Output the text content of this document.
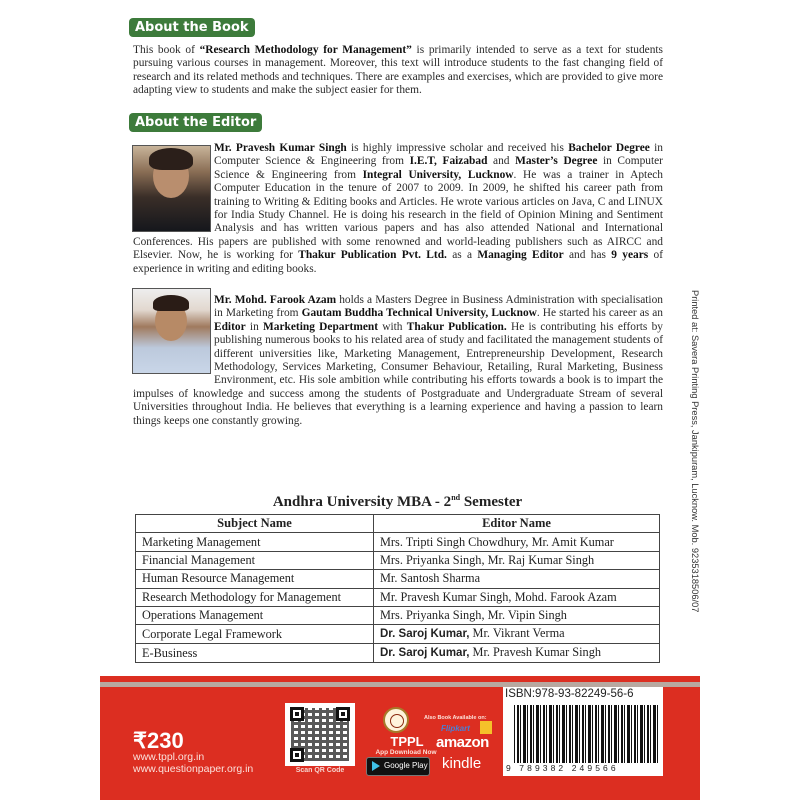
About the Book
This book of “Research Methodology for Management” is primarily intended to serve as a text for students pursuing various courses in management. Moreover, this text will introduce students to the fast changing field of research and its related methods and techniques. There are examples and exercises, which are provided to give more adapting view to students and make the subject easier for them.
About the Editor
Mr. Pravesh Kumar Singh is highly impressive scholar and received his Bachelor Degree in Computer Science & Engineering from I.E.T, Faizabad and Master’s Degree in Computer Science & Engineering from Integral University, Lucknow. He was a trainer in Aptech Computer Education in the tenure of 2007 to 2009. In 2009, he shifted his career path from training to Writing & Editing books and Articles. He wrote various articles on Java, C and LINUX for India Study Channel. He is doing his research in the field of Opinion Mining and Sentiment Analysis and has written various papers and has also attended National and International Conferences. His papers are published with some renowned and world-leading publishers such as AIRCC and Elsevier. Now, he is working for Thakur Publication Pvt. Ltd. as a Managing Editor and has 9 years of experience in writing and editing books.
Mr. Mohd. Farook Azam holds a Masters Degree in Business Administration with specialisation in Marketing from Gautam Buddha Technical University, Lucknow. He started his career as an Editor in Marketing Department with Thakur Publication. He is contributing his efforts by publishing numerous books to his related area of study and facilitated the management students of different universities like, Marketing Management, Entrepreneurship Development, Research Methodology, Services Marketing, Consumer Behaviour, Retailing, Rural Marketing, Business Environment, etc. His sole ambition while contributing his efforts towards a book is to impart the impulses of knowledge and success among the students of Postgraduate and Undergraduate Stream of several Universities throughout India. He believes that everything is a learning experience and having a passion to learn things keeps one constantly growing.	Printed at: Savera Printing Press, Jankipuram, Lucknow. Mob. 9235318506/07
Andhra University MBA - 2nd Semester
Subject Name	Editor Name
Marketing Management	Mrs. Tripti Singh Chowdhury, Mr. Amit Kumar
Financial Management	Mrs. Priyanka Singh, Mr. Raj Kumar Singh
Human Resource Management	Mr. Santosh Sharma
Research Methodology for Management	Mr. Pravesh Kumar Singh, Mohd. Farook Azam
Operations Management	Mrs. Priyanka Singh, Mr. Vipin Singh
Corporate Legal Framework	Dr. Saroj Kumar, Mr. Vikrant Verma
E-Business	Dr. Saroj Kumar, Mr. Pravesh Kumar Singh
₹230
www.tppl.org.in
www.questionpaper.org.in	Scan QR Code
TPPL
App Download Now
Google Play
Also Book Available on:
Flipkart
amazon
kindle
ISBN:978-93-82249-56-6
9 789382 249566
